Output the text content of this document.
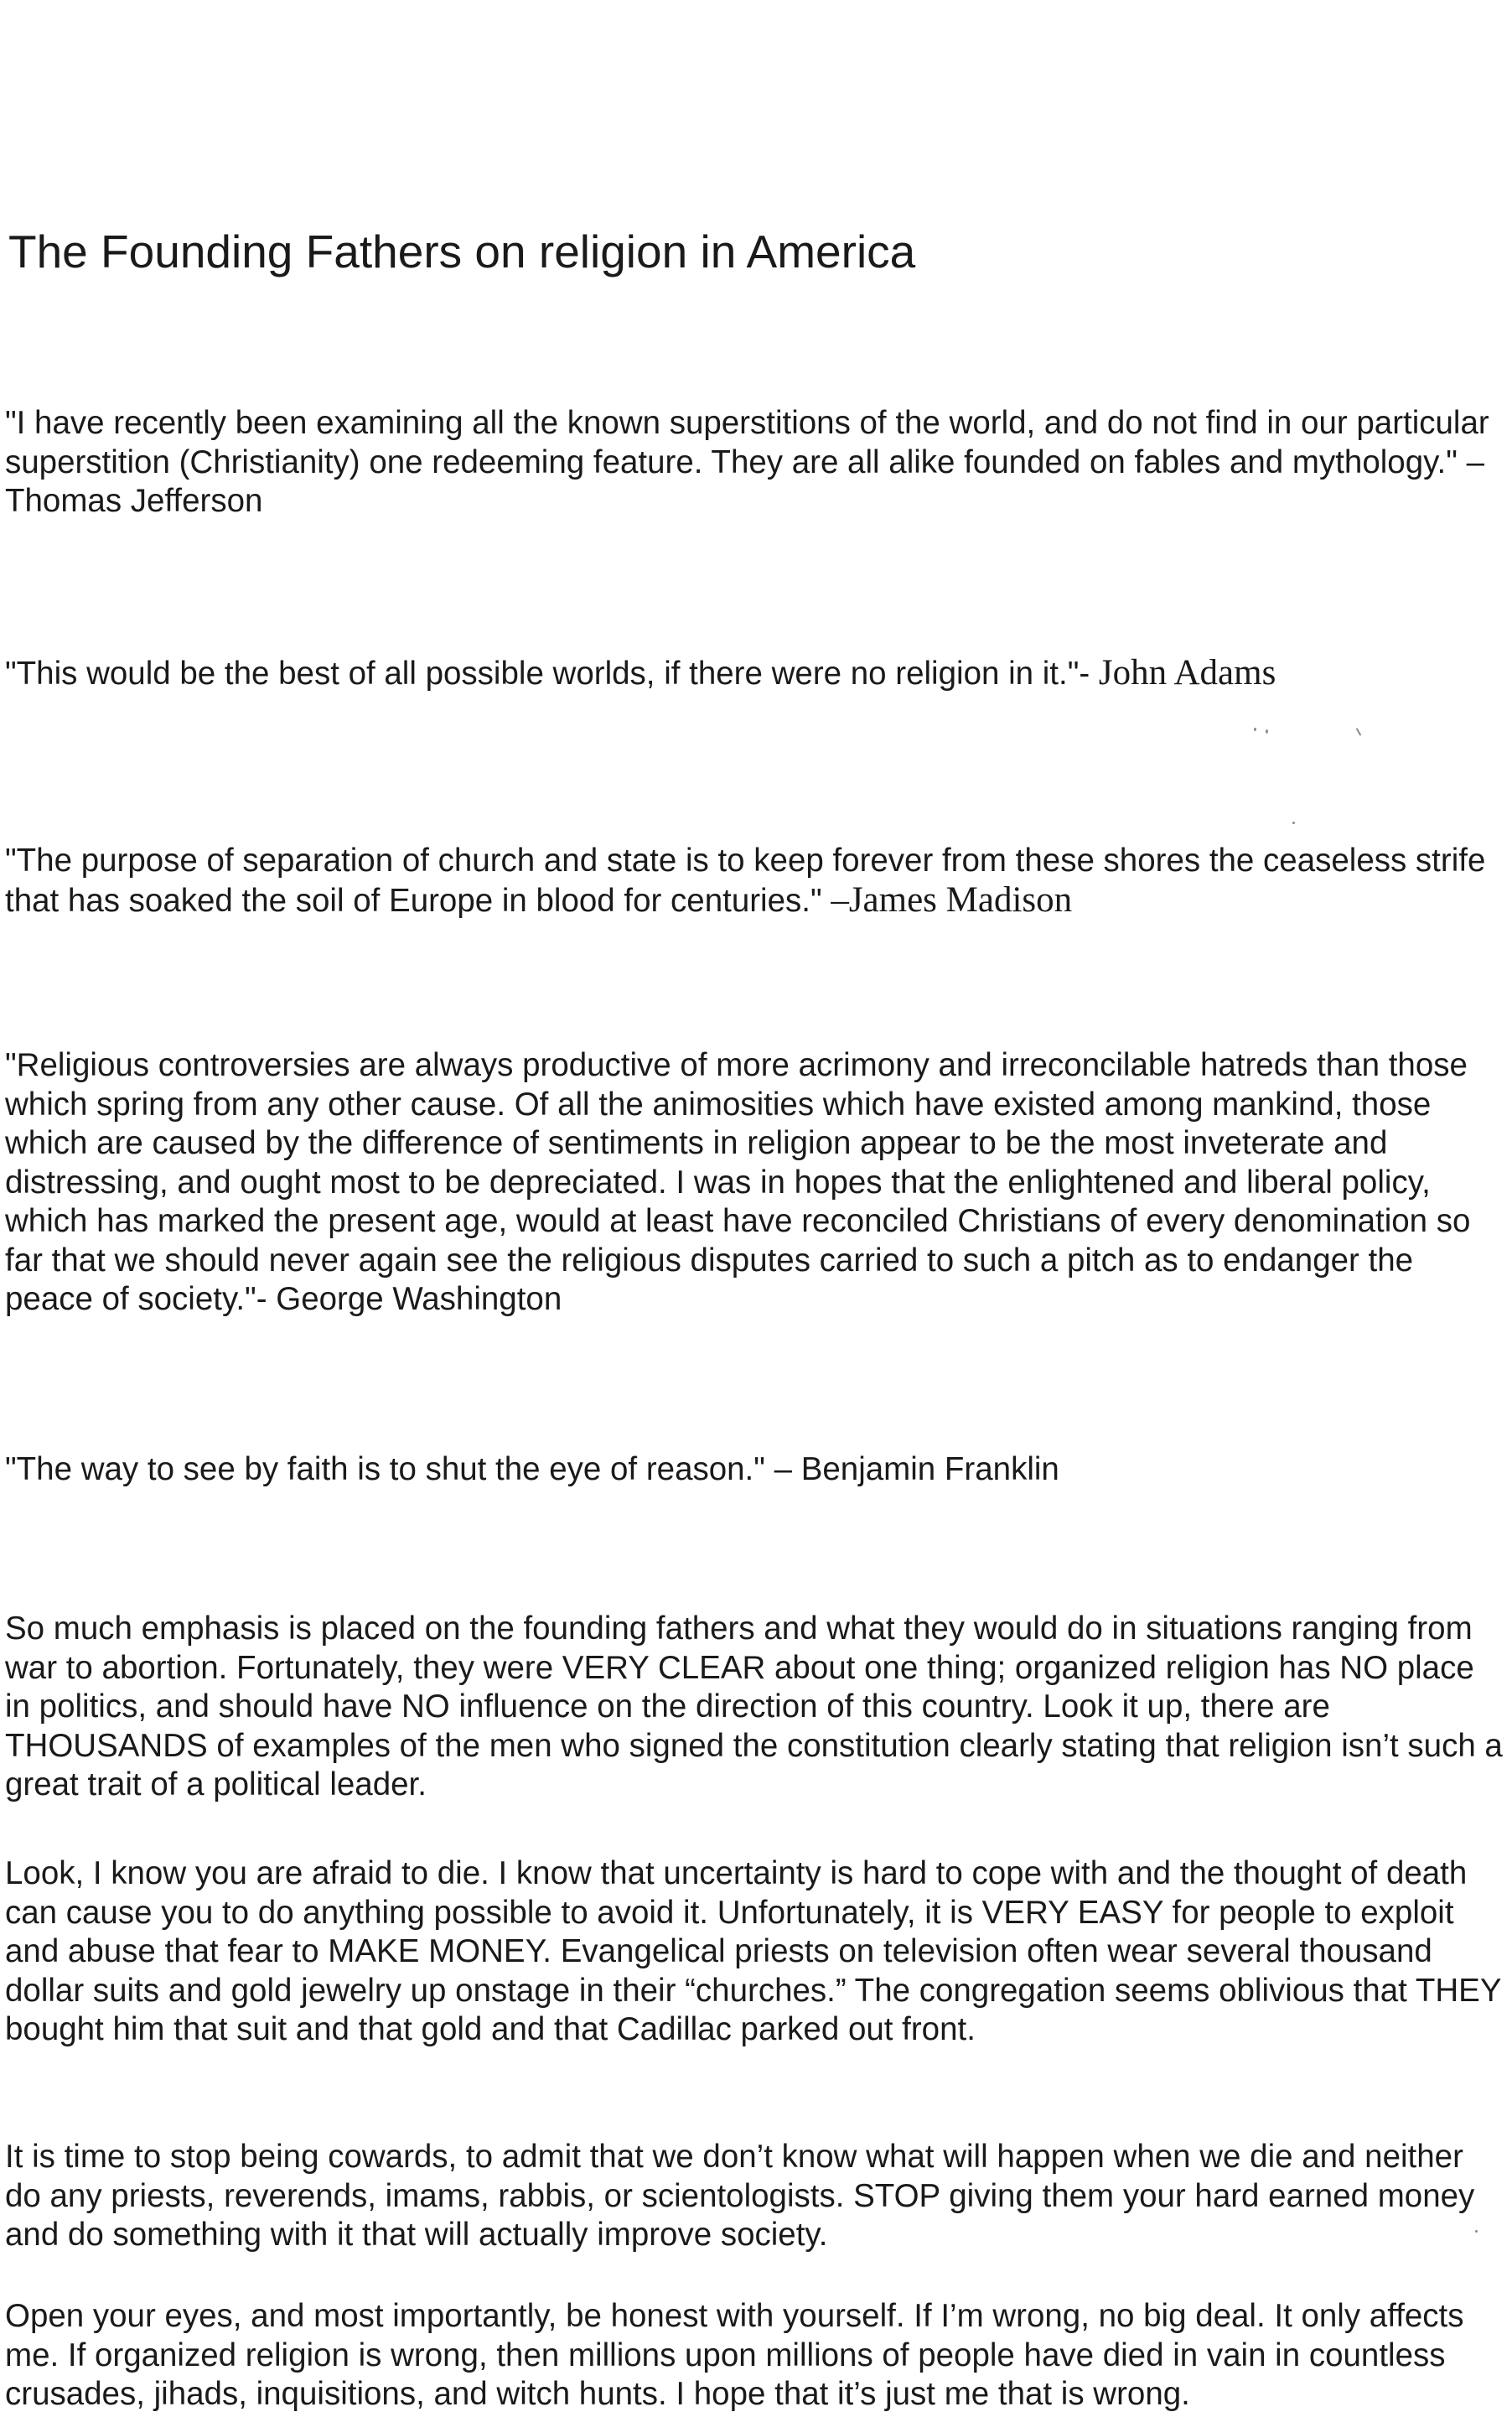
The Founding Fathers on religion in America

"I have recently been examining all the known superstitions of the world, and do not find in our particular superstition (Christianity) one redeeming feature. They are all alike founded on fables and mythology." – Thomas Jefferson

"This would be the best of all possible worlds, if there were no religion in it."- John Adams

"The purpose of separation of church and state is to keep forever from these shores the ceaseless strife that has soaked the soil of Europe in blood for centuries." –James Madison

"Religious controversies are always productive of more acrimony and irreconcilable hatreds than those which spring from any other cause. Of all the animosities which have existed among mankind, those which are caused by the difference of sentiments in religion appear to be the most inveterate and distressing, and ought most to be depreciated. I was in hopes that the enlightened and liberal policy, which has marked the present age, would at least have reconciled Christians of every denomination so far that we should never again see the religious disputes carried to such a pitch as to endanger the peace of society."- George Washington

"The way to see by faith is to shut the eye of reason." – Benjamin Franklin

So much emphasis is placed on the founding fathers and what they would do in situations ranging from war to abortion. Fortunately, they were VERY CLEAR about one thing; organized religion has NO place in politics, and should have NO influence on the direction of this country. Look it up, there are THOUSANDS of examples of the men who signed the constitution clearly stating that religion isn’t such a great trait of a political leader.

Look, I know you are afraid to die. I know that uncertainty is hard to cope with and the thought of death can cause you to do anything possible to avoid it. Unfortunately, it is VERY EASY for people to exploit and abuse that fear to MAKE MONEY. Evangelical priests on television often wear several thousand dollar suits and gold jewelry up onstage in their “churches.” The congregation seems oblivious that THEY bought him that suit and that gold and that Cadillac parked out front.

It is time to stop being cowards, to admit that we don’t know what will happen when we die and neither do any priests, reverends, imams, rabbis, or scientologists. STOP giving them your hard earned money and do something with it that will actually improve society.

Open your eyes, and most importantly, be honest with yourself. If I’m wrong, no big deal. It only affects me. If organized religion is wrong, then millions upon millions of people have died in vain in countless crusades, jihads, inquisitions, and witch hunts. I hope that it’s just me that is wrong.
